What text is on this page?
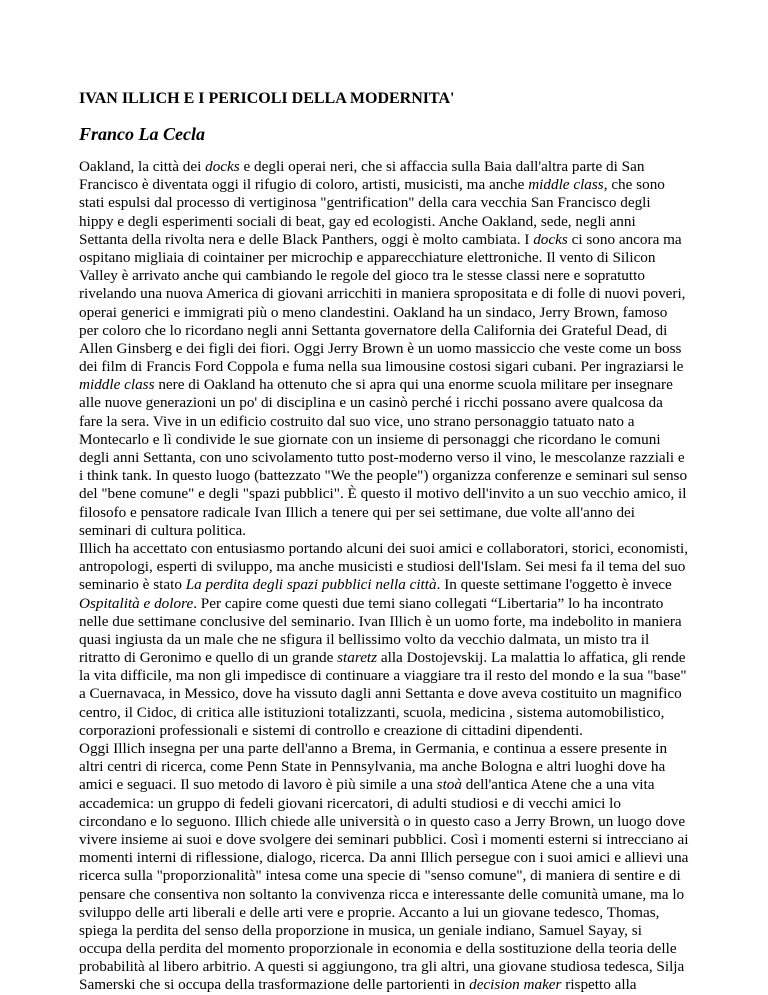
IVAN ILLICH E I PERICOLI DELLA MODERNITA'
Franco La Cecla
Oakland, la città dei docks e degli operai neri, che si affaccia sulla Baia dall'altra parte di San
Francisco è diventata oggi il rifugio di coloro, artisti, musicisti, ma anche middle class, che sono
stati espulsi dal processo di vertiginosa "gentrification" della cara vecchia San Francisco degli
hippy e degli esperimenti sociali di beat, gay ed ecologisti. Anche Oakland, sede, negli anni
Settanta della rivolta nera e delle Black Panthers, oggi è molto cambiata. I docks ci sono ancora ma
ospitano migliaia di cointainer per microchip e apparecchiature elettroniche. Il vento di Silicon
Valley è arrivato anche qui cambiando le regole del gioco tra le stesse classi nere e sopratutto
rivelando una nuova America di giovani arricchiti in maniera spropositata e di folle di nuovi poveri,
operai generici e immigrati più o meno clandestini. Oakland ha un sindaco, Jerry Brown, famoso
per coloro che lo ricordano negli anni Settanta governatore della California dei Grateful Dead, di
Allen Ginsberg e dei figli dei fiori. Oggi Jerry Brown è un uomo massiccio che veste come un boss
dei film di Francis Ford Coppola e fuma nella sua limousine costosi sigari cubani. Per ingraziarsi le
middle class nere di Oakland ha ottenuto che si apra qui una enorme scuola militare per insegnare
alle nuove generazioni un po' di disciplina e un casinò perché i ricchi possano avere qualcosa da
fare la sera. Vive in un edificio costruito dal suo vice, uno strano personaggio tatuato nato a
Montecarlo e lì condivide le sue giornate con un insieme di personaggi che ricordano le comuni
degli anni Settanta, con uno scivolamento tutto post-moderno verso il vino, le mescolanze razziali e
i think tank. In questo luogo (battezzato "We the people") organizza conferenze e seminari sul senso
del "bene comune" e degli "spazi pubblici". È questo il motivo dell'invito a un suo vecchio amico, il
filosofo e pensatore radicale Ivan Illich a tenere qui per sei settimane, due volte all'anno dei
seminari di cultura politica.
Illich ha accettato con entusiasmo portando alcuni dei suoi amici e collaboratori, storici, economisti,
antropologi, esperti di sviluppo, ma anche musicisti e studiosi dell'Islam. Sei mesi fa il tema del suo
seminario è stato La perdita degli spazi pubblici nella città. In queste settimane l'oggetto è invece
Ospitalità e dolore. Per capire come questi due temi siano collegati “Libertaria” lo ha incontrato
nelle due settimane conclusive del seminario. Ivan Illich è un uomo forte, ma indebolito in maniera
quasi ingiusta da un male che ne sfigura il bellissimo volto da vecchio dalmata, un misto tra il
ritratto di Geronimo e quello di un grande staretz alla Dostojevskij. La malattia lo affatica, gli rende
la vita difficile, ma non gli impedisce di continuare a viaggiare tra il resto del mondo e la sua "base"
a Cuernavaca, in Messico, dove ha vissuto dagli anni Settanta e dove aveva costituito un magnifico
centro, il Cidoc, di critica alle istituzioni totalizzanti, scuola, medicina , sistema automobilistico,
corporazioni professionali e sistemi di controllo e creazione di cittadini dipendenti.
Oggi Illich insegna per una parte dell'anno a Brema, in Germania, e continua a essere presente in
altri centri di ricerca, come Penn State in Pennsylvania, ma anche Bologna e altri luoghi dove ha
amici e seguaci. Il suo metodo di lavoro è più simile a una stoà dell'antica Atene che a una vita
accademica: un gruppo di fedeli giovani ricercatori, di adulti studiosi e di vecchi amici lo
circondano e lo seguono. Illich chiede alle università o in questo caso a Jerry Brown, un luogo dove
vivere insieme ai suoi e dove svolgere dei seminari pubblici. Così i momenti esterni si intrecciano ai
momenti interni di riflessione, dialogo, ricerca. Da anni Illich persegue con i suoi amici e allievi una
ricerca sulla "proporzionalità" intesa come una specie di "senso comune", di maniera di sentire e di
pensare che consentiva non soltanto la convivenza ricca e interessante delle comunità umane, ma lo
sviluppo delle arti liberali e delle arti vere e proprie. Accanto a lui un giovane tedesco, Thomas,
spiega la perdita del senso della proporzione in musica, un geniale indiano, Samuel Sayay, si
occupa della perdita del momento proporzionale in economia e della sostituzione della teoria delle
probabilità al libero arbitrio. A questi si aggiungono, tra gli altri, una giovane studiosa tedesca, Silja
Samerski che si occupa della trasformazione delle partorienti in decision maker rispetto alla
